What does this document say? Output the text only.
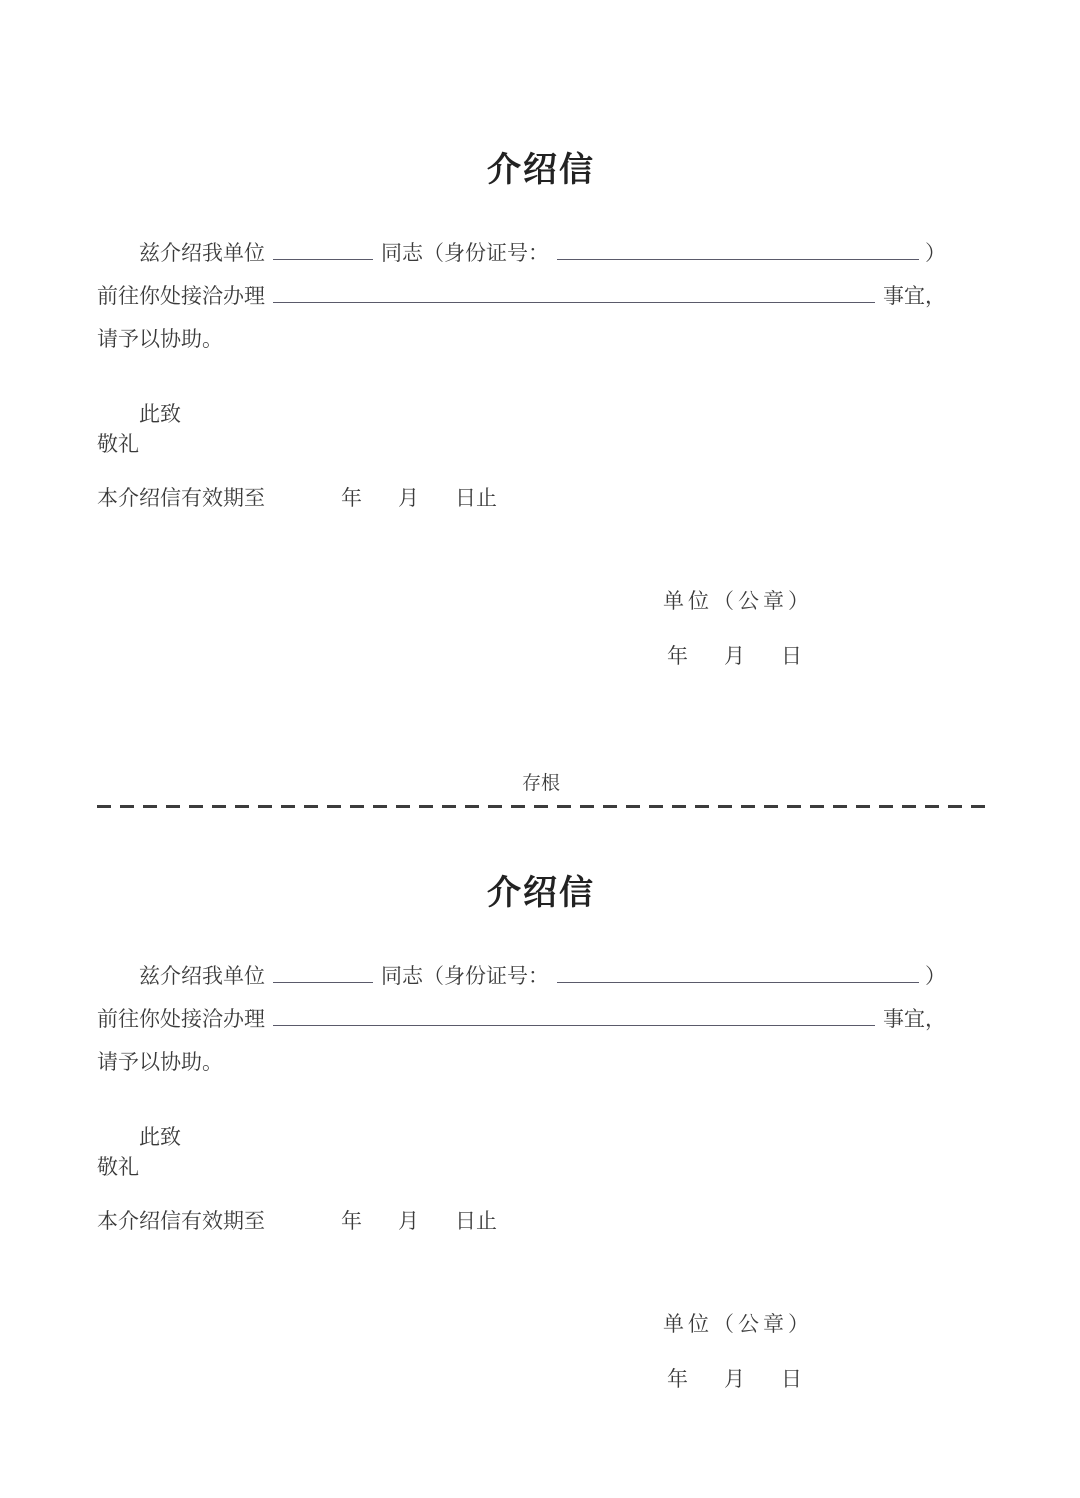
介绍信
兹介绍我单位	同志（身份证号：	）
前往你处接洽办理	事宜，
请予以协助。
此致
敬礼
本介绍信有效期至	年 月 日止
单位（公章）
年 月 日
存根
介绍信
兹介绍我单位	同志（身份证号：	）
前往你处接洽办理	事宜，
请予以协助。
此致
敬礼
本介绍信有效期至	年 月 日止
单位（公章）
年 月 日
